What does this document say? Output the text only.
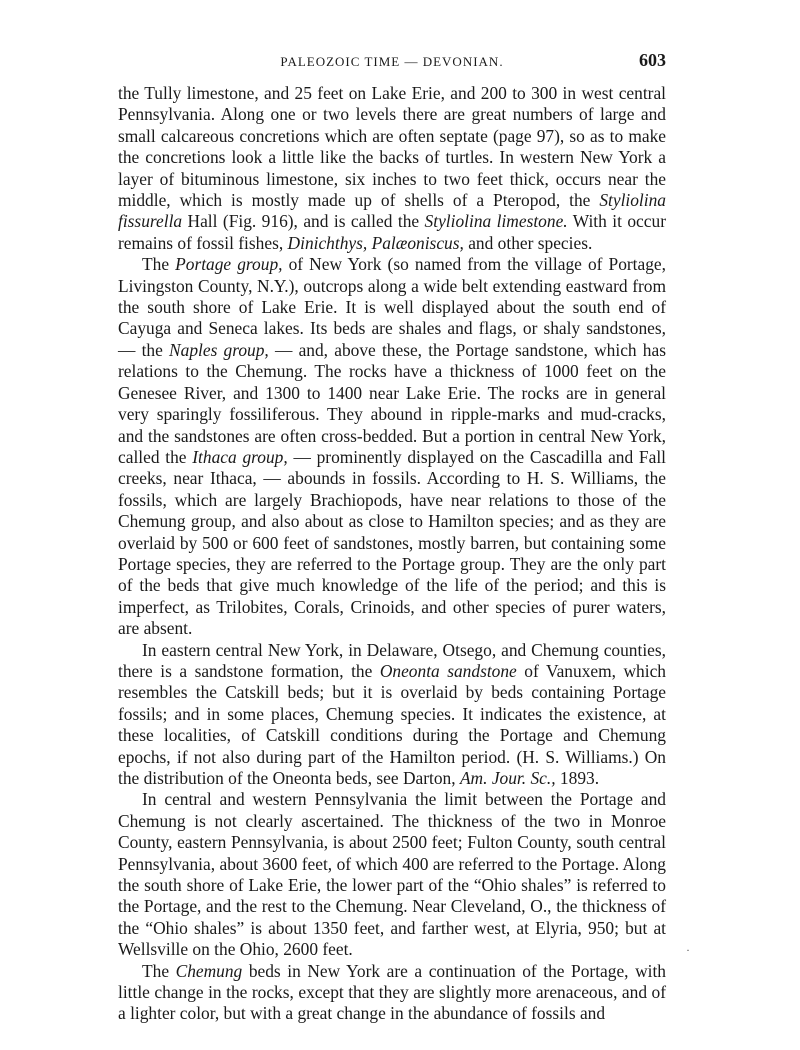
PALEOZOIC TIME — DEVONIAN.	603

the Tully limestone, and 25 feet on Lake Erie, and 200 to 300 in west central Pennsylvania. Along one or two levels there are great numbers of large and small calcareous concretions which are often septate (page 97), so as to make the concretions look a little like the backs of turtles. In western New York a layer of bituminous limestone, six inches to two feet thick, occurs near the middle, which is mostly made up of shells of a Pteropod, the Styliolina fissurella Hall (Fig. 916), and is called the Styliolina limestone. With it occur remains of fossil fishes, Dinichthys, Palæoniscus, and other species.

The Portage group, of New York (so named from the village of Portage, Livingston County, N.Y.), outcrops along a wide belt extending eastward from the south shore of Lake Erie. It is well displayed about the south end of Cayuga and Seneca lakes. Its beds are shales and flags, or shaly sandstones, — the Naples group, — and, above these, the Portage sandstone, which has relations to the Chemung. The rocks have a thickness of 1000 feet on the Genesee River, and 1300 to 1400 near Lake Erie. The rocks are in general very sparingly fossiliferous. They abound in ripple-marks and mud-cracks, and the sandstones are often cross-bedded. But a portion in central New York, called the Ithaca group, — prominently displayed on the Cascadilla and Fall creeks, near Ithaca, — abounds in fossils. According to H. S. Williams, the fossils, which are largely Brachiopods, have near relations to those of the Chemung group, and also about as close to Hamilton species; and as they are overlaid by 500 or 600 feet of sandstones, mostly barren, but containing some Portage species, they are referred to the Portage group. They are the only part of the beds that give much knowledge of the life of the period; and this is imperfect, as Trilobites, Corals, Crinoids, and other species of purer waters, are absent.

In eastern central New York, in Delaware, Otsego, and Chemung counties, there is a sandstone formation, the Oneonta sandstone of Vanuxem, which resembles the Catskill beds; but it is overlaid by beds containing Portage fossils; and in some places, Chemung species. It indicates the existence, at these localities, of Catskill conditions during the Portage and Chemung epochs, if not also during part of the Hamilton period. (H. S. Williams.) On the distribution of the Oneonta beds, see Darton, Am. Jour. Sc., 1893.

In central and western Pennsylvania the limit between the Portage and Chemung is not clearly ascertained. The thickness of the two in Monroe County, eastern Pennsylvania, is about 2500 feet; Fulton County, south central Pennsylvania, about 3600 feet, of which 400 are referred to the Portage. Along the south shore of Lake Erie, the lower part of the “Ohio shales” is referred to the Portage, and the rest to the Chemung. Near Cleveland, O., the thickness of the “Ohio shales” is about 1350 feet, and farther west, at Elyria, 950; but at Wellsville on the Ohio, 2600 feet.

The Chemung beds in New York are a continuation of the Portage, with little change in the rocks, except that they are slightly more arenaceous, and of a lighter color, but with a great change in the abundance of fossils and

·
